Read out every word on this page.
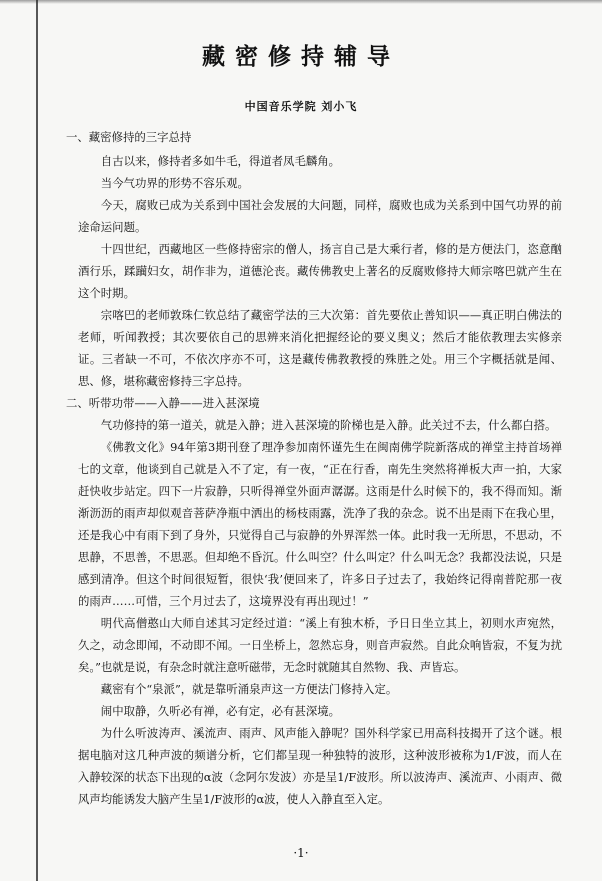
藏密修持辅导
中国音乐学院 刘小飞
一、藏密修持的三字总持

自古以来，修持者多如牛毛，得道者凤毛麟角。

当今气功界的形势不容乐观。

今天，腐败已成为关系到中国社会发展的大问题，同样，腐败也成为关系到中国气功界的前途命运问题。

十四世纪，西藏地区一些修持密宗的僧人，扬言自己是大乘行者，修的是方便法门，恣意酗酒行乐，蹂躏妇女，胡作非为，道德沦丧。藏传佛教史上著名的反腐败修持大师宗喀巴就产生在这个时期。

宗喀巴的老师敦珠仁钦总结了藏密学法的三大次第：首先要依止善知识——真正明白佛法的老师，听闻教授；其次要依自己的思辨来消化把握经论的要义奥义；然后才能依教理去实修亲证。三者缺一不可，不依次序亦不可，这是藏传佛教教授的殊胜之处。用三个字概括就是闻、思、修，堪称藏密修持三字总持。

二、听带功带——入静——进入甚深境

气功修持的第一道关，就是入静；进入甚深境的阶梯也是入静。此关过不去，什么都白搭。

《佛教文化》94年第3期刊登了理净参加南怀谨先生在闽南佛学院新落成的禅堂主持首场禅七的文章，他谈到自己就是入不了定，有一夜，“正在行香，南先生突然将禅板大声一拍，大家赶快收步站定。四下一片寂静，只听得禅堂外面声潺潺。这雨是什么时候下的，我不得而知。渐渐沥沥的雨声却似观音菩萨净瓶中洒出的杨枝雨露，洗净了我的杂念。说不出是雨下在我心里，还是我心中有雨下到了身外，只觉得自己与寂静的外界浑然一体。此时我一无所思，不思动，不思静，不思善，不思恶。但却绝不昏沉。什么叫空？什么叫定？什么叫无念？我都没法说，只是感到清净。但这个时间很短暂，很快‘我’便回来了，许多日子过去了，我始终记得南普陀那一夜的雨声……可惜，三个月过去了，这境界没有再出现过！”

明代高僧憨山大师自述其习定经过道：“溪上有独木桥，予日日坐立其上，初则水声宛然，久之，动念即闻，不动即不闻。一日坐桥上，忽然忘身，则音声寂然。自此众响皆寂，不复为扰矣。”也就是说，有杂念时就注意听磁带，无念时就随其自然物、我、声皆忘。

藏密有个“泉派”，就是靠听涌泉声这一方便法门修持入定。

闹中取静，久听必有禅，必有定，必有甚深境。

为什么听波涛声、溪流声、雨声、风声能入静呢？国外科学家已用高科技揭开了这个谜。根据电脑对这几种声波的频谱分析，它们都呈现一种独特的波形，这种波形被称为1/F波，而人在入静较深的状态下出现的α波（念阿尔发波）亦是呈1/F波形。所以波涛声、溪流声、小雨声、微风声均能诱发大脑产生呈1/F波形的α波，使人入静直至入定。

·1·
